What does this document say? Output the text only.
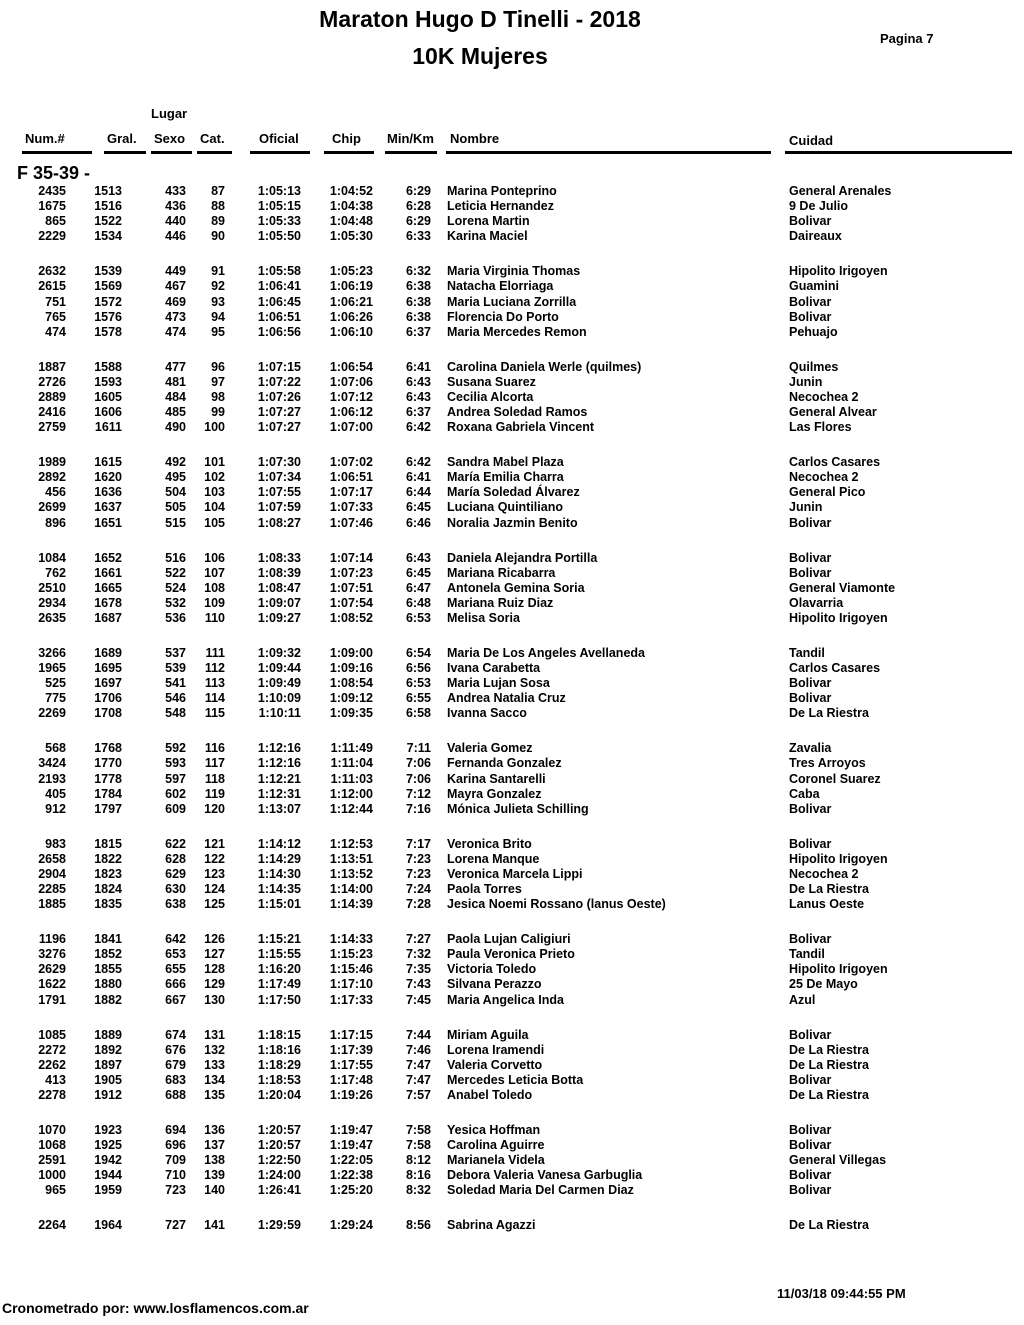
Maraton Hugo D Tinelli - 2018
10K Mujeres
Pagina 7
Lugar
Num.#	Gral. Sexo Cat.	Oficial	Chip Min/Km Nombre	Cuidad
F 35-39 -
2435 1513	433 87	1:05:13 1:04:52	6:29 Marina Ponteprino	General Arenales
1675 1516	436 88	1:05:15 1:04:38	6:28 Leticia Hernandez	9 De Julio
865 1522	440 89	1:05:33 1:04:48	6:29 Lorena Martin	Bolivar
2229 1534	446 90	1:05:50 1:05:30	6:33 Karina Maciel	Daireaux
2632 1539	449 91	1:05:58 1:05:23	6:32 Maria Virginia Thomas	Hipolito Irigoyen
2615 1569	467 92	1:06:41 1:06:19	6:38 Natacha Elorriaga	Guamini
751 1572	469 93	1:06:45 1:06:21	6:38 Maria Luciana Zorrilla	Bolivar
765 1576	473 94	1:06:51 1:06:26	6:38 Florencia Do Porto	Bolivar
474 1578	474 95	1:06:56 1:06:10	6:37 Maria Mercedes Remon	Pehuajo
1887 1588	477 96	1:07:15 1:06:54	6:41 Carolina Daniela Werle (quilmes)	Quilmes
2726 1593	481 97	1:07:22 1:07:06	6:43 Susana Suarez	Junin
2889 1605	484 98	1:07:26 1:07:12	6:43 Cecilia Alcorta	Necochea 2
2416 1606	485 99	1:07:27 1:06:12	6:37 Andrea Soledad Ramos	General Alvear
2759 1611	490 100	1:07:27 1:07:00	6:42 Roxana Gabriela Vincent	Las Flores
1989 1615	492 101	1:07:30 1:07:02	6:42 Sandra Mabel Plaza	Carlos Casares
2892 1620	495 102	1:07:34 1:06:51	6:41 María Emilia Charra	Necochea 2
456 1636	504 103	1:07:55 1:07:17	6:44 María Soledad Álvarez	General Pico
2699 1637	505 104	1:07:59 1:07:33	6:45 Luciana Quintiliano	Junin
896 1651	515 105	1:08:27 1:07:46	6:46 Noralia Jazmin Benito	Bolivar
1084 1652	516 106	1:08:33 1:07:14	6:43 Daniela Alejandra Portilla	Bolivar
762 1661	522 107	1:08:39 1:07:23	6:45 Mariana Ricabarra	Bolivar
2510 1665	524 108	1:08:47 1:07:51	6:47 Antonela Gemina Soria	General Viamonte
2934 1678	532 109	1:09:07 1:07:54	6:48 Mariana Ruiz Diaz	Olavarria
2635 1687	536 110	1:09:27 1:08:52	6:53 Melisa Soria	Hipolito Irigoyen
3266 1689	537 111	1:09:32 1:09:00	6:54 Maria De Los Angeles Avellaneda	Tandil
1965 1695	539 112	1:09:44 1:09:16	6:56 Ivana Carabetta	Carlos Casares
525 1697	541 113	1:09:49 1:08:54	6:53 Maria Lujan Sosa	Bolivar
775 1706	546 114	1:10:09 1:09:12	6:55 Andrea Natalia Cruz	Bolivar
2269 1708	548 115	1:10:11 1:09:35	6:58 Ivanna Sacco	De La Riestra
568 1768	592 116	1:12:16 1:11:49	7:11 Valeria Gomez	Zavalia
3424 1770	593 117	1:12:16 1:11:04	7:06 Fernanda Gonzalez	Tres Arroyos
2193 1778	597 118	1:12:21 1:11:03	7:06 Karina Santarelli	Coronel Suarez
405 1784	602 119	1:12:31 1:12:00	7:12 Mayra Gonzalez	Caba
912 1797	609 120	1:13:07 1:12:44	7:16 Mónica Julieta Schilling	Bolivar
983 1815	622 121	1:14:12 1:12:53	7:17 Veronica Brito	Bolivar
2658 1822	628 122	1:14:29 1:13:51	7:23 Lorena Manque	Hipolito Irigoyen
2904 1823	629 123	1:14:30 1:13:52	7:23 Veronica Marcela Lippi	Necochea 2
2285 1824	630 124	1:14:35 1:14:00	7:24 Paola Torres	De La Riestra
1885 1835	638 125	1:15:01 1:14:39	7:28 Jesica Noemi Rossano (lanus Oeste)	Lanus Oeste
1196 1841	642 126	1:15:21 1:14:33	7:27 Paola Lujan Caligiuri	Bolivar
3276 1852	653 127	1:15:55 1:15:23	7:32 Paula Veronica Prieto	Tandil
2629 1855	655 128	1:16:20 1:15:46	7:35 Victoria Toledo	Hipolito Irigoyen
1622 1880	666 129	1:17:49 1:17:10	7:43 Silvana Perazzo	25 De Mayo
1791 1882	667 130	1:17:50 1:17:33	7:45 Maria Angelica Inda	Azul
1085 1889	674 131	1:18:15 1:17:15	7:44 Miriam Aguila	Bolivar
2272 1892	676 132	1:18:16 1:17:39	7:46 Lorena Iramendi	De La Riestra
2262 1897	679 133	1:18:29 1:17:55	7:47 Valeria Corvetto	De La Riestra
413 1905	683 134	1:18:53 1:17:48	7:47 Mercedes Leticia Botta	Bolivar
2278 1912	688 135	1:20:04 1:19:26	7:57 Anabel Toledo	De La Riestra
1070 1923	694 136	1:20:57 1:19:47	7:58 Yesica Hoffman	Bolivar
1068 1925	696 137	1:20:57 1:19:47	7:58 Carolina Aguirre	Bolivar
2591 1942	709 138	1:22:50 1:22:05	8:12 Marianela Videla	General Villegas
1000 1944	710 139	1:24:00 1:22:38	8:16 Debora Valeria Vanesa Garbuglia	Bolivar
965 1959	723 140	1:26:41 1:25:20	8:32 Soledad Maria Del Carmen Diaz	Bolivar
2264 1964	727 141	1:29:59 1:29:24	8:56 Sabrina Agazzi	De La Riestra
Cronometrado por: www.losflamencos.com.ar
11/03/18 09:44:55 PM
